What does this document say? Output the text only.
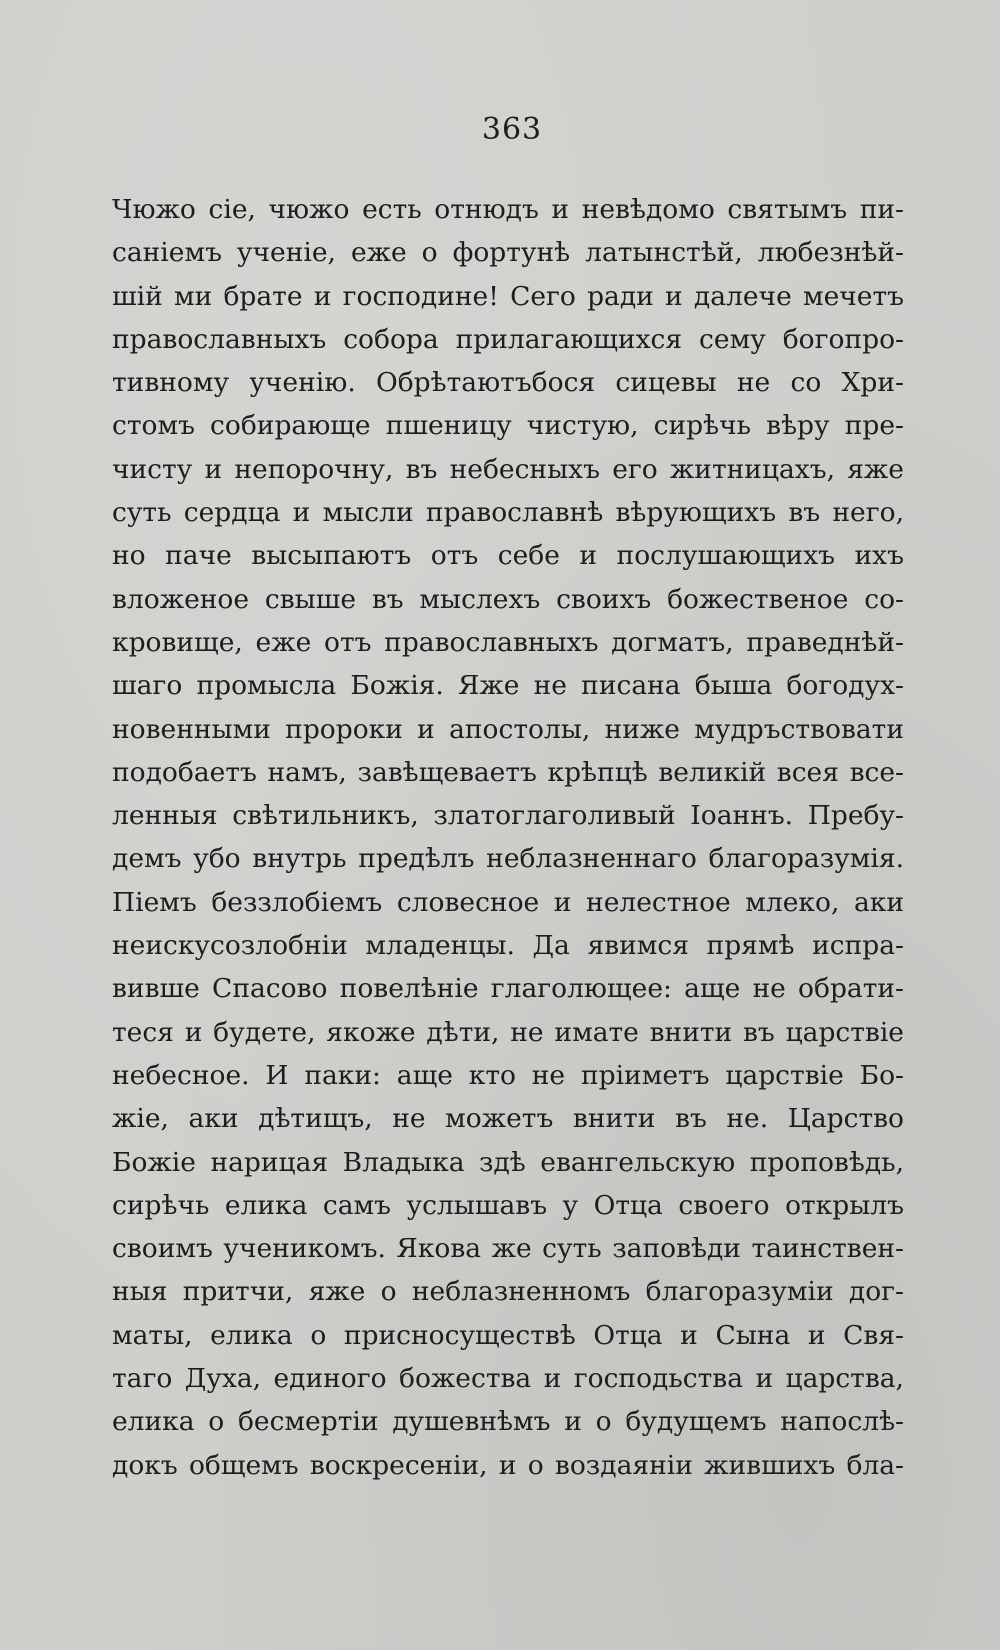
363
Чюжо сіе, чюжо есть отнюдъ и невѣдомо святымъ пи-
саніемъ ученіе, еже о фортунѣ латынстѣй, любезнѣй-
шій ми брате и господине! Сего ради и далече мечетъ
православныхъ собора прилагающихся сему богопро-
тивному ученію. Обрѣтаютъбося сицевы не со Хри-
стомъ собирающе пшеницу чистую, сирѣчь вѣру пре-
чисту и непорочну, въ небесныхъ его житницахъ, яже
суть сердца и мысли православнѣ вѣрующихъ въ него,
но паче высыпаютъ отъ себе и послушающихъ ихъ
вложеное свыше въ мыслехъ своихъ божественое со-
кровище, еже отъ православныхъ догматъ, праведнѣй-
шаго промысла Божія. Яже не писана быша богодух-
новенными пророки и апостолы, ниже мудръствовати
подобаетъ намъ, завѣщеваетъ крѣпцѣ великій всея все-
ленныя свѣтильникъ, златоглаголивый Іоаннъ. Пребу-
демъ убо внутрь предѣлъ неблазненнаго благоразумія.
Піемъ беззлобіемъ словесное и нелестное млеко, аки
неискусозлобніи младенцы. Да явимся прямѣ испра-
вивше Спасово повелѣніе глаголющее: аще не обрати-
теся и будете, якоже дѣти, не имате внити въ царствіе
небесное. И паки: аще кто не пріиметъ царствіе Бо-
жіе, аки дѣтищъ, не можетъ внити въ не. Царство
Божіе нарицая Владыка здѣ евангельскую проповѣдь,
сирѣчь елика самъ услышавъ у Отца своего открылъ
своимъ ученикомъ. Якова же суть заповѣди таинствен-
ныя притчи, яже о неблазненномъ благоразуміи дог-
маты, елика о присносуществѣ Отца и Сына и Свя-
таго Духа, единого божества и господьства и царства,
елика о бесмертіи душевнѣмъ и о будущемъ напослѣ-
докъ общемъ воскресеніи, и о воздаяніи жившихъ бла-
